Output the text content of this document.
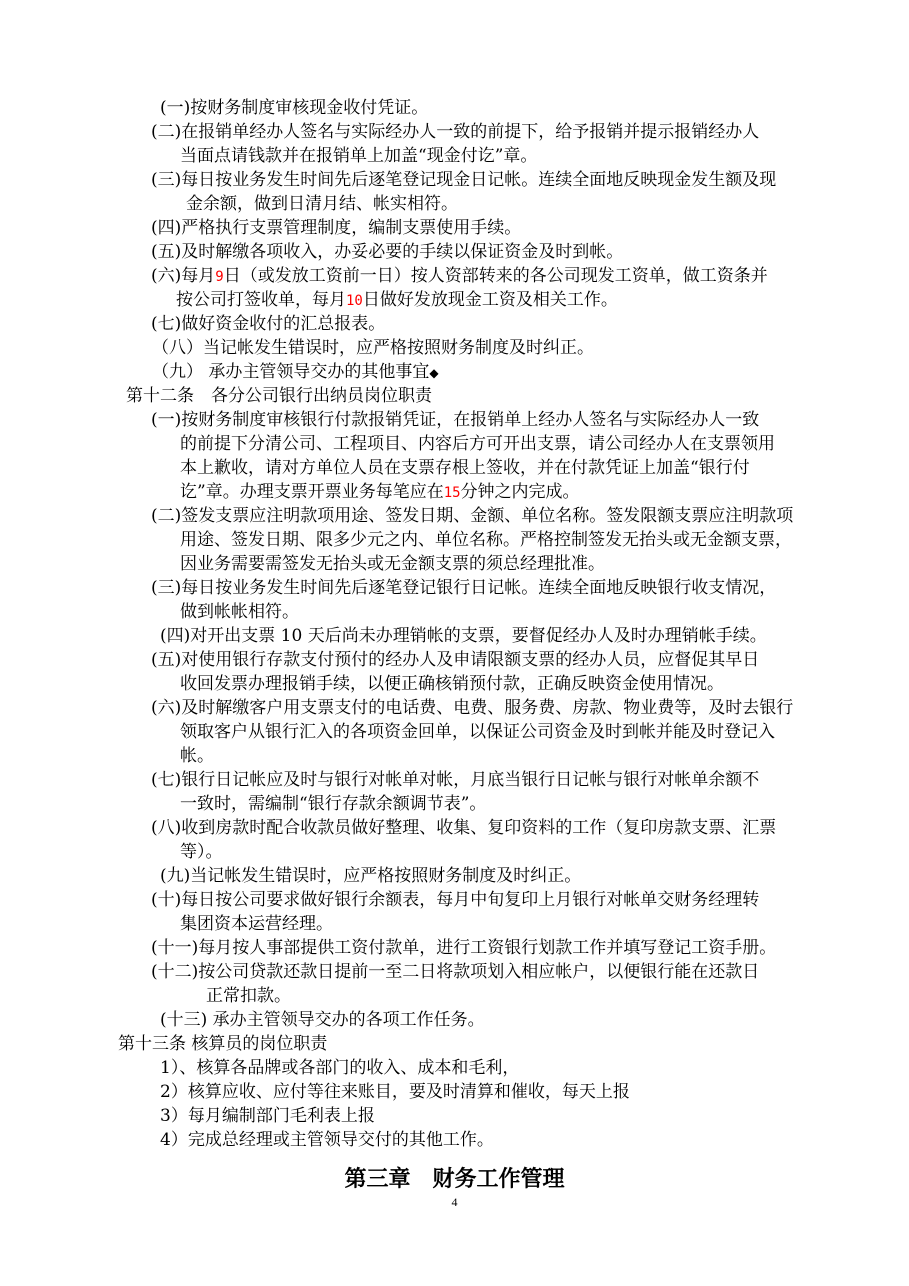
(一)按财务制度审核现金收付凭证。
(二)在报销单经办人签名与实际经办人一致的前提下，给予报销并提示报销经办人
当面点请钱款并在报销单上加盖“现金付讫”章。
(三)每日按业务发生时间先后逐笔登记现金日记帐。连续全面地反映现金发生额及现
金余额，做到日清月结、帐实相符。
(四)严格执行支票管理制度，编制支票使用手续。
(五)及时解缴各项收入，办妥必要的手续以保证资金及时到帐。
(六)每月9日（或发放工资前一日）按人资部转来的各公司现发工资单，做工资条并
按公司打签收单，每月10日做好发放现金工资及相关工作。
(七)做好资金收付的汇总报表。
（八）当记帐发生错误时，应严格按照财务制度及时纠正。
（九） 承办主管领导交办的其他事宜◆
第十二条　各分公司银行出纳员岗位职责
(一)按财务制度审核银行付款报销凭证，在报销单上经办人签名与实际经办人一致
的前提下分清公司、工程项目、内容后方可开出支票，请公司经办人在支票领用
本上歉收，请对方单位人员在支票存根上签收，并在付款凭证上加盖“银行付
讫”章。办理支票开票业务每笔应在15分钟之内完成。
(二)签发支票应注明款项用途、签发日期、金额、单位名称。签发限额支票应注明款项
用途、签发日期、限多少元之内、单位名称。严格控制签发无抬头或无金额支票，
因业务需要需签发无抬头或无金额支票的须总经理批准。
(三)每日按业务发生时间先后逐笔登记银行日记帐。连续全面地反映银行收支情况，
做到帐帐相符。
(四)对开出支票 10 天后尚未办理销帐的支票，要督促经办人及时办理销帐手续。
(五)对使用银行存款支付预付的经办人及申请限额支票的经办人员，应督促其早日
收回发票办理报销手续，以便正确核销预付款，正确反映资金使用情况。
(六)及时解缴客户用支票支付的电话费、电费、服务费、房款、物业费等，及时去银行
领取客户从银行汇入的各项资金回单，以保证公司资金及时到帐并能及时登记入
帐。
(七)银行日记帐应及时与银行对帐单对帐，月底当银行日记帐与银行对帐单余额不
一致时，需编制“银行存款余额调节表”。
(八)收到房款时配合收款员做好整理、收集、复印资料的工作（复印房款支票、汇票
等）。
(九)当记帐发生错误时，应严格按照财务制度及时纠正。
(十)每日按公司要求做好银行余额表，每月中旬复印上月银行对帐单交财务经理转
集团资本运营经理。
(十一)每月按人事部提供工资付款单，进行工资银行划款工作并填写登记工资手册。
(十二)按公司贷款还款日提前一至二日将款项划入相应帐户，以便银行能在还款日
正常扣款。
(十三) 承办主管领导交办的各项工作任务。
第十三条 核算员的岗位职责
1）、核算各品牌或各部门的收入、成本和毛利，
2）核算应收、应付等往来账目，要及时清算和催收，每天上报
3）每月编制部门毛利表上报
4）完成总经理或主管领导交付的其他工作。
第三章　财务工作管理
4
